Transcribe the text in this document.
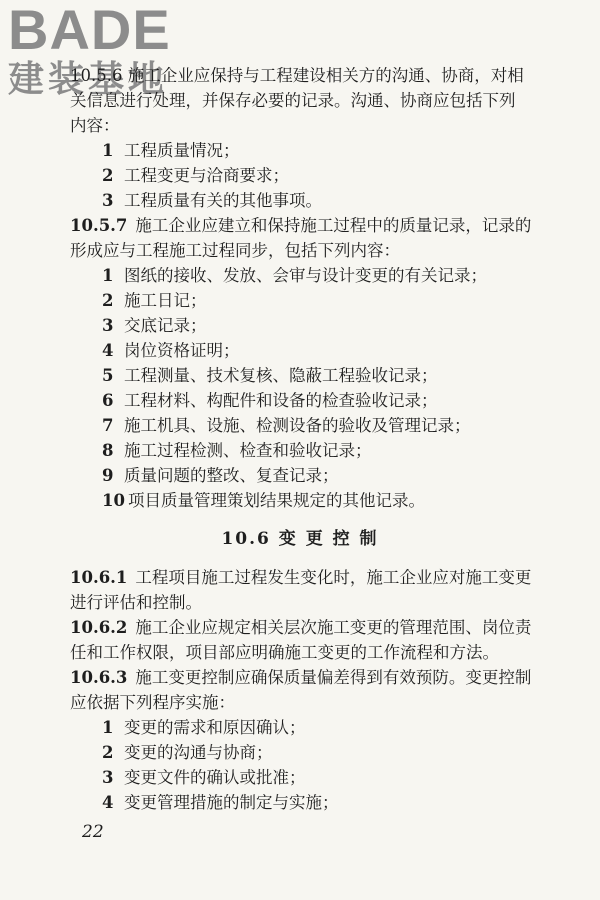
BADE
建装基地
10.5.6 施工企业应保持与工程建设相关方的沟通、协商，对相
关信息进行处理，并保存必要的记录。沟通、协商应包括下列
内容：
1 工程质量情况；
2 工程变更与洽商要求；
3 工程质量有关的其他事项。
10.5.7 施工企业应建立和保持施工过程中的质量记录，记录的
形成应与工程施工过程同步，包括下列内容：
1 图纸的接收、发放、会审与设计变更的有关记录；
2 施工日记；
3 交底记录；
4 岗位资格证明；
5 工程测量、技术复核、隐蔽工程验收记录；
6 工程材料、构配件和设备的检查验收记录；
7 施工机具、设施、检测设备的验收及管理记录；
8 施工过程检测、检查和验收记录；
9 质量问题的整改、复查记录；
10 项目质量管理策划结果规定的其他记录。
10.6 变 更 控 制
10.6.1 工程项目施工过程发生变化时，施工企业应对施工变更
进行评估和控制。
10.6.2 施工企业应规定相关层次施工变更的管理范围、岗位责
任和工作权限，项目部应明确施工变更的工作流程和方法。
10.6.3 施工变更控制应确保质量偏差得到有效预防。变更控制
应依据下列程序实施：
1 变更的需求和原因确认；
2 变更的沟通与协商；
3 变更文件的确认或批准；
4 变更管理措施的制定与实施；
22
